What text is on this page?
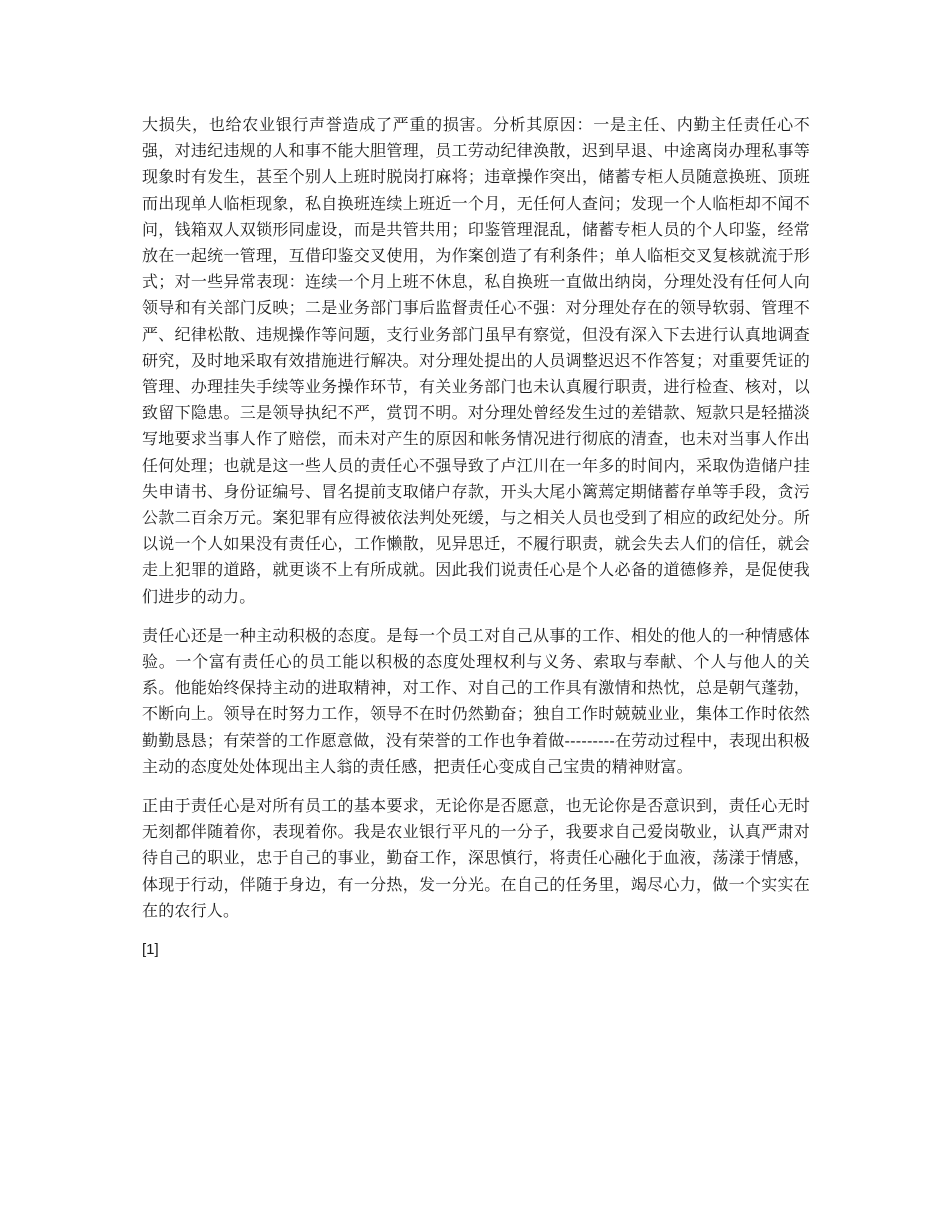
大损失，也给农业银行声誉造成了严重的损害。分析其原因：一是主任、内勤主任责任心不强，对违纪违规的人和事不能大胆管理，员工劳动纪律涣散，迟到早退、中途离岗办理私事等现象时有发生，甚至个别人上班时脱岗打麻将；违章操作突出，储蓄专柜人员随意换班、顶班而出现单人临柜现象，私自换班连续上班近一个月，无任何人查问；发现一个人临柜却不闻不问，钱箱双人双锁形同虚设，而是共管共用；印鉴管理混乱，储蓄专柜人员的个人印鉴，经常放在一起统一管理，互借印鉴交叉使用，为作案创造了有利条件；单人临柜交叉复核就流于形式；对一些异常表现：连续一个月上班不休息，私自换班一直做出纳岗，分理处没有任何人向领导和有关部门反映；二是业务部门事后监督责任心不强：对分理处存在的领导软弱、管理不严、纪律松散、违规操作等问题，支行业务部门虽早有察觉，但没有深入下去进行认真地调查研究，及时地采取有效措施进行解决。对分理处提出的人员调整迟迟不作答复；对重要凭证的管理、办理挂失手续等业务操作环节，有关业务部门也未认真履行职责，进行检查、核对，以致留下隐患。三是领导执纪不严，赏罚不明。对分理处曾经发生过的差错款、短款只是轻描淡写地要求当事人作了赔偿，而未对产生的原因和帐务情况进行彻底的清查，也未对当事人作出任何处理；也就是这一些人员的责任心不强导致了卢江川在一年多的时间内，采取伪造储户挂失申请书、身份证编号、冒名提前支取储户存款，开头大尾小篱蔫定期储蓄存单等手段，贪污公款二百余万元。案犯罪有应得被依法判处死缓，与之相关人员也受到了相应的政纪处分。所以说一个人如果没有责任心，工作懒散，见异思迁，不履行职责，就会失去人们的信任，就会走上犯罪的道路，就更谈不上有所成就。因此我们说责任心是个人必备的道德修养，是促使我们进步的动力。

责任心还是一种主动积极的态度。是每一个员工对自己从事的工作、相处的他人的一种情感体验。一个富有责任心的员工能以积极的态度处理权利与义务、索取与奉献、个人与他人的关系。他能始终保持主动的进取精神，对工作、对自己的工作具有激情和热忱，总是朝气蓬勃，不断向上。领导在时努力工作，领导不在时仍然勤奋；独自工作时兢兢业业，集体工作时依然勤勤恳恳；有荣誉的工作愿意做，没有荣誉的工作也争着做---------在劳动过程中，表现出积极主动的态度处处体现出主人翁的责任感，把责任心变成自己宝贵的精神财富。

正由于责任心是对所有员工的基本要求，无论你是否愿意，也无论你是否意识到，责任心无时无刻都伴随着你，表现着你。我是农业银行平凡的一分子，我要求自己爱岗敬业，认真严肃对待自己的职业，忠于自己的事业，勤奋工作，深思慎行，将责任心融化于血液，荡漾于情感，体现于行动，伴随于身边，有一分热，发一分光。在自己的任务里，竭尽心力，做一个实实在在的农行人。

[1]
